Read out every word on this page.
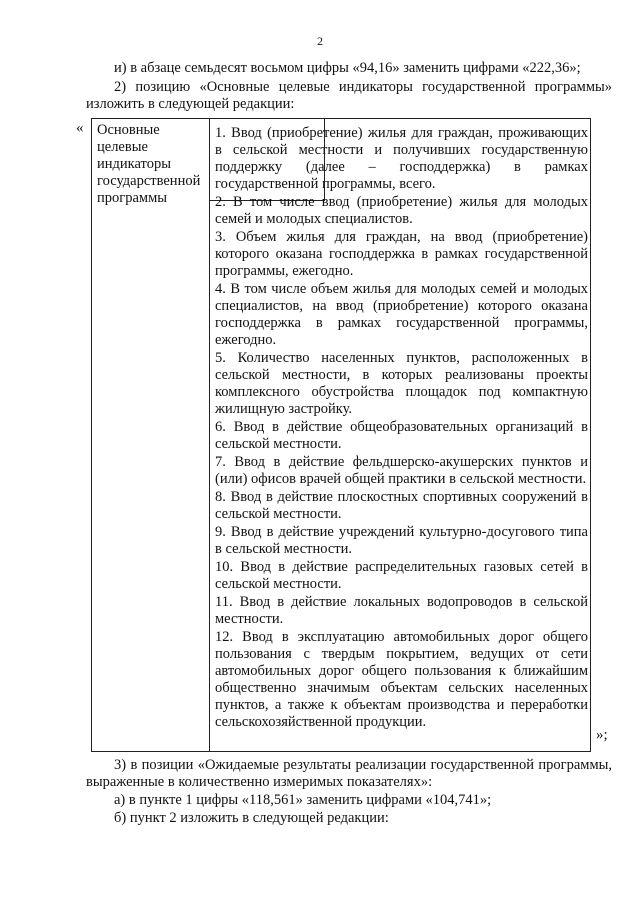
2
и) в абзаце семьдесят восьмом цифры «94,16» заменить цифрами «222,36»;
2) позицию «Основные целевые индикаторы государственной программы» изложить в следующей редакции:
« Основные целевые индикаторы государственной программы
1. Ввод (приобретение) жилья для граждан, проживающих в сельской местности и получивших государственную поддержку (далее – господдержка) в рамках государственной программы, всего.
2. В том числе ввод (приобретение) жилья для молодых семей и молодых специалистов.
3. Объем жилья для граждан, на ввод (приобретение) которого оказана господдержка в рамках государственной программы, ежегодно.
4. В том числе объем жилья для молодых семей и молодых специалистов, на ввод (приобретение) которого оказана господдержка в рамках государственной программы, ежегодно.
5. Количество населенных пунктов, расположенных в сельской местности, в которых реализованы проекты комплексного обустройства площадок под компактную жилищную застройку.
6. Ввод в действие общеобразовательных организаций в сельской местности.
7. Ввод в действие фельдшерско-акушерских пунктов и (или) офисов врачей общей практики в сельской местности.
8. Ввод в действие плоскостных спортивных сооружений в сельской местности.
9. Ввод в действие учреждений культурно-досугового типа в сельской местности.
10. Ввод в действие распределительных газовых сетей в сельской местности.
11. Ввод в действие локальных водопроводов в сельской местности.
12. Ввод в эксплуатацию автомобильных дорог общего пользования с твердым покрытием, ведущих от сети автомобильных дорог общего пользования к ближайшим общественно значимым объектам сельских населенных пунктов, а также к объектам производства и переработки сельскохозяйственной продукции.
»;
3) в позиции «Ожидаемые результаты реализации государственной программы, выраженные в количественно измеримых показателях»:
а) в пункте 1 цифры «118,561» заменить цифрами «104,741»;
б) пункт 2 изложить в следующей редакции:
